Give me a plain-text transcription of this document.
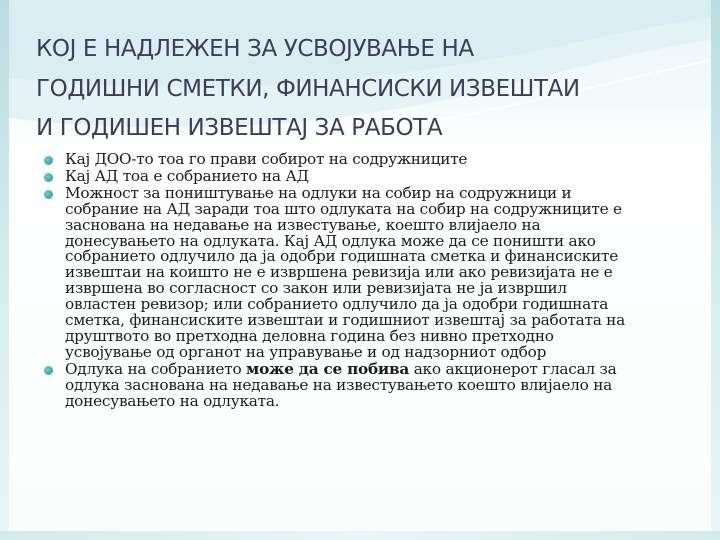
КОЈ Е НАДЛЕЖЕН ЗА УСВОЈУВАЊЕ НА
ГОДИШНИ СМЕТКИ, ФИНАНСИСКИ ИЗВЕШТАИ
И ГОДИШЕН ИЗВЕШТАЈ ЗА РАБОТА
Кај ДОО-то тоа го прави собирот на содружниците
Кај АД тоа е собранието на АД
Можност за поништување на одлуки на собир на содружници и
собрание на АД заради тоа што одлуката на собир на содружниците е
заснована на недавање на известување, коешто влијаело на
донесувањето на одлуката. Кај АД одлука може да се поништи ако
собранието одлучило да ја одобри годишната сметка и финансиските
извештаи на коишто не е извршена ревизија или ако ревизијата не е
извршена во согласност со закон или ревизијата не ја извршил
овластен ревизор; или собранието одлучило да ја одобри годишната
сметка, финансиските извештаи и годишниот извештај за работата на
друштвото во претходна деловна година без нивно претходно
усвојување од органот на управување и од надзорниот одбор
Одлука на собранието може да се побива ако акционерот гласал за
одлука заснована на недавање на известувањето коешто влијаело на
донесувањето на одлуката.
